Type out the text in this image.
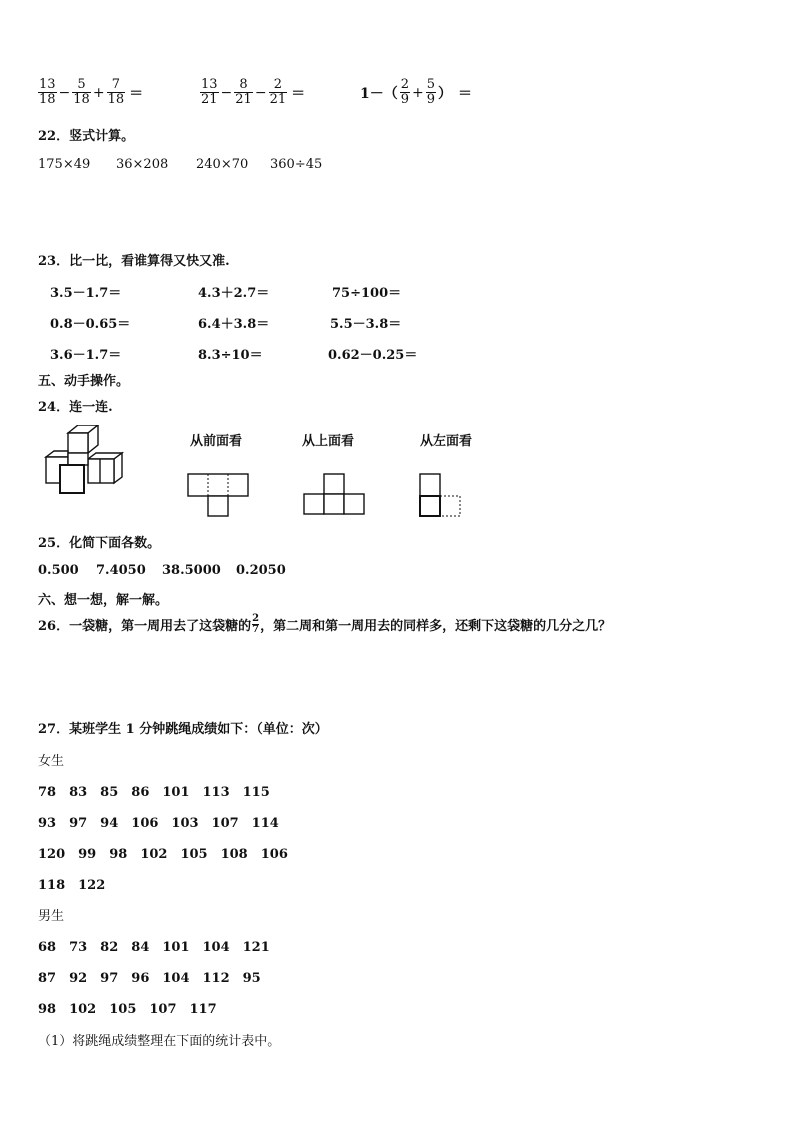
$\frac{13}{18} - \frac{5}{18} + \frac{7}{18}$ ＝	$\frac{13}{21} - \frac{8}{21} - \frac{2}{21}$ ＝	$1-( \frac{2}{9} + \frac{5}{9}$ ） ＝
22．竖式计算。
175×49 36×208 240×70 360÷45
23．比一比，看谁算得又快又准.
3.5－1.7＝	4.3＋2.7＝	75÷100＝
0.8－0.65＝	6.4＋3.8＝	5.5－3.8＝
3.6－1.7＝	8.3÷10＝	0.62－0.25＝
五、动手操作。
24．连一连.
从前面看	从上面看	从左面看
25．化简下面各数。
0.500 7.4050 38.5000 0.2050
六、想一想，解一解。
26．一袋糖，第一周用去了这袋糖的 $\frac{2}{7}$ ，第二周和第一周用去的同样多，还剩下这袋糖的几分之几？
27．某班学生 1 分钟跳绳成绩如下：（单位：次）
女生
78　83　85　86　101　113　115
93　97　94　106　103　107　114
120　99　98　102　105　108　106
118　122
男生
68　73　82　84　101　104　121
87　92　97　96　104　112　95
98　102　105　107　117
（1）将跳绳成绩整理在下面的统计表中。
